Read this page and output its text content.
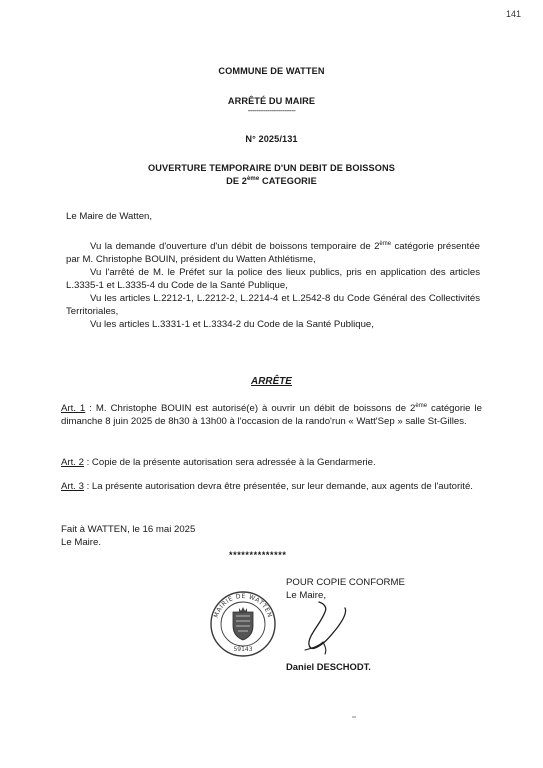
141
COMMUNE DE WATTEN
ARRÊTÉ DU MAIRE
----------------------
N° 2025/131
OUVERTURE TEMPORAIRE D'UN DEBIT DE BOISSONS
DE 2ème CATEGORIE
Le Maire de Watten,
Vu la demande d'ouverture d'un débit de boissons temporaire de 2ème catégorie présentée par M. Christophe BOUIN, président du Watten Athlétisme,
Vu l'arrêté de M. le Préfet sur la police des lieux publics, pris en application des articles L.3335-1 et L.3335-4 du Code de la Santé Publique,
Vu les articles L.2212-1, L.2212-2, L.2214-4 et L.2542-8 du Code Général des Collectivités Territoriales,
Vu les articles L.3331-1 et L.3334-2 du Code de la Santé Publique,
ARRÊTE
Art. 1 : M. Christophe BOUIN est autorisé(e) à ouvrir un débit de boissons de 2ème catégorie le dimanche 8 juin 2025 de 8h30 à 13h00 à l'occasion de la rando'run « Watt'Sep » salle St-Gilles.
Art. 2 : Copie de la présente autorisation sera adressée à la Gendarmerie.
Art. 3 : La présente autorisation devra être présentée, sur leur demande, aux agents de l'autorité.
Fait à WATTEN, le 16 mai 2025
Le Maire.
**************
POUR COPIE CONFORME
Le Maire,
MAIRIE DE WATTEN
59143
Daniel DESCHODT.
